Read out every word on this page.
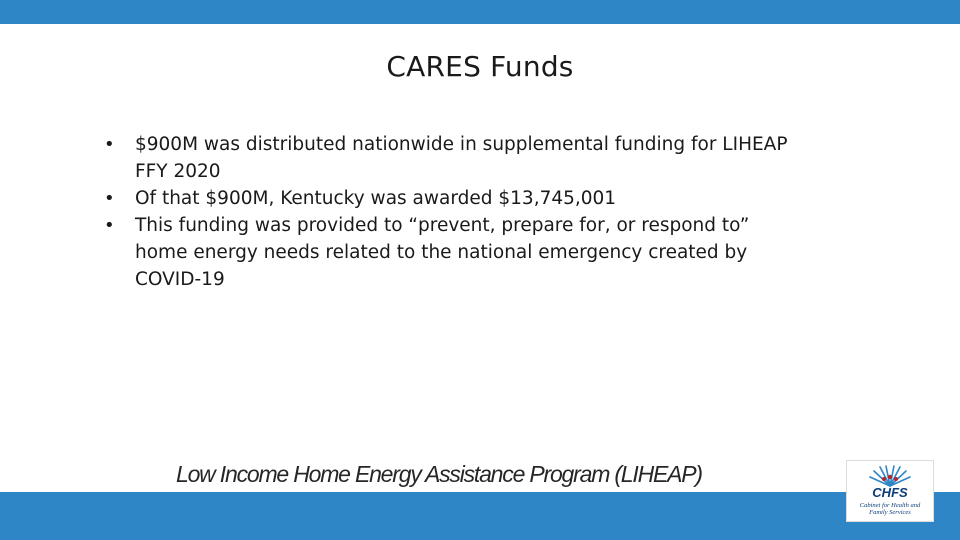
CARES Funds
• $900M was distributed nationwide in supplemental funding for LIHEAP FFY 2020
• Of that $900M, Kentucky was awarded $13,745,001
• This funding was provided to “prevent, prepare for, or respond to” home energy needs related to the national emergency created by COVID-19
Low Income Home Energy Assistance Program (LIHEAP)
CHFS
Cabinet for Health and Family Services
